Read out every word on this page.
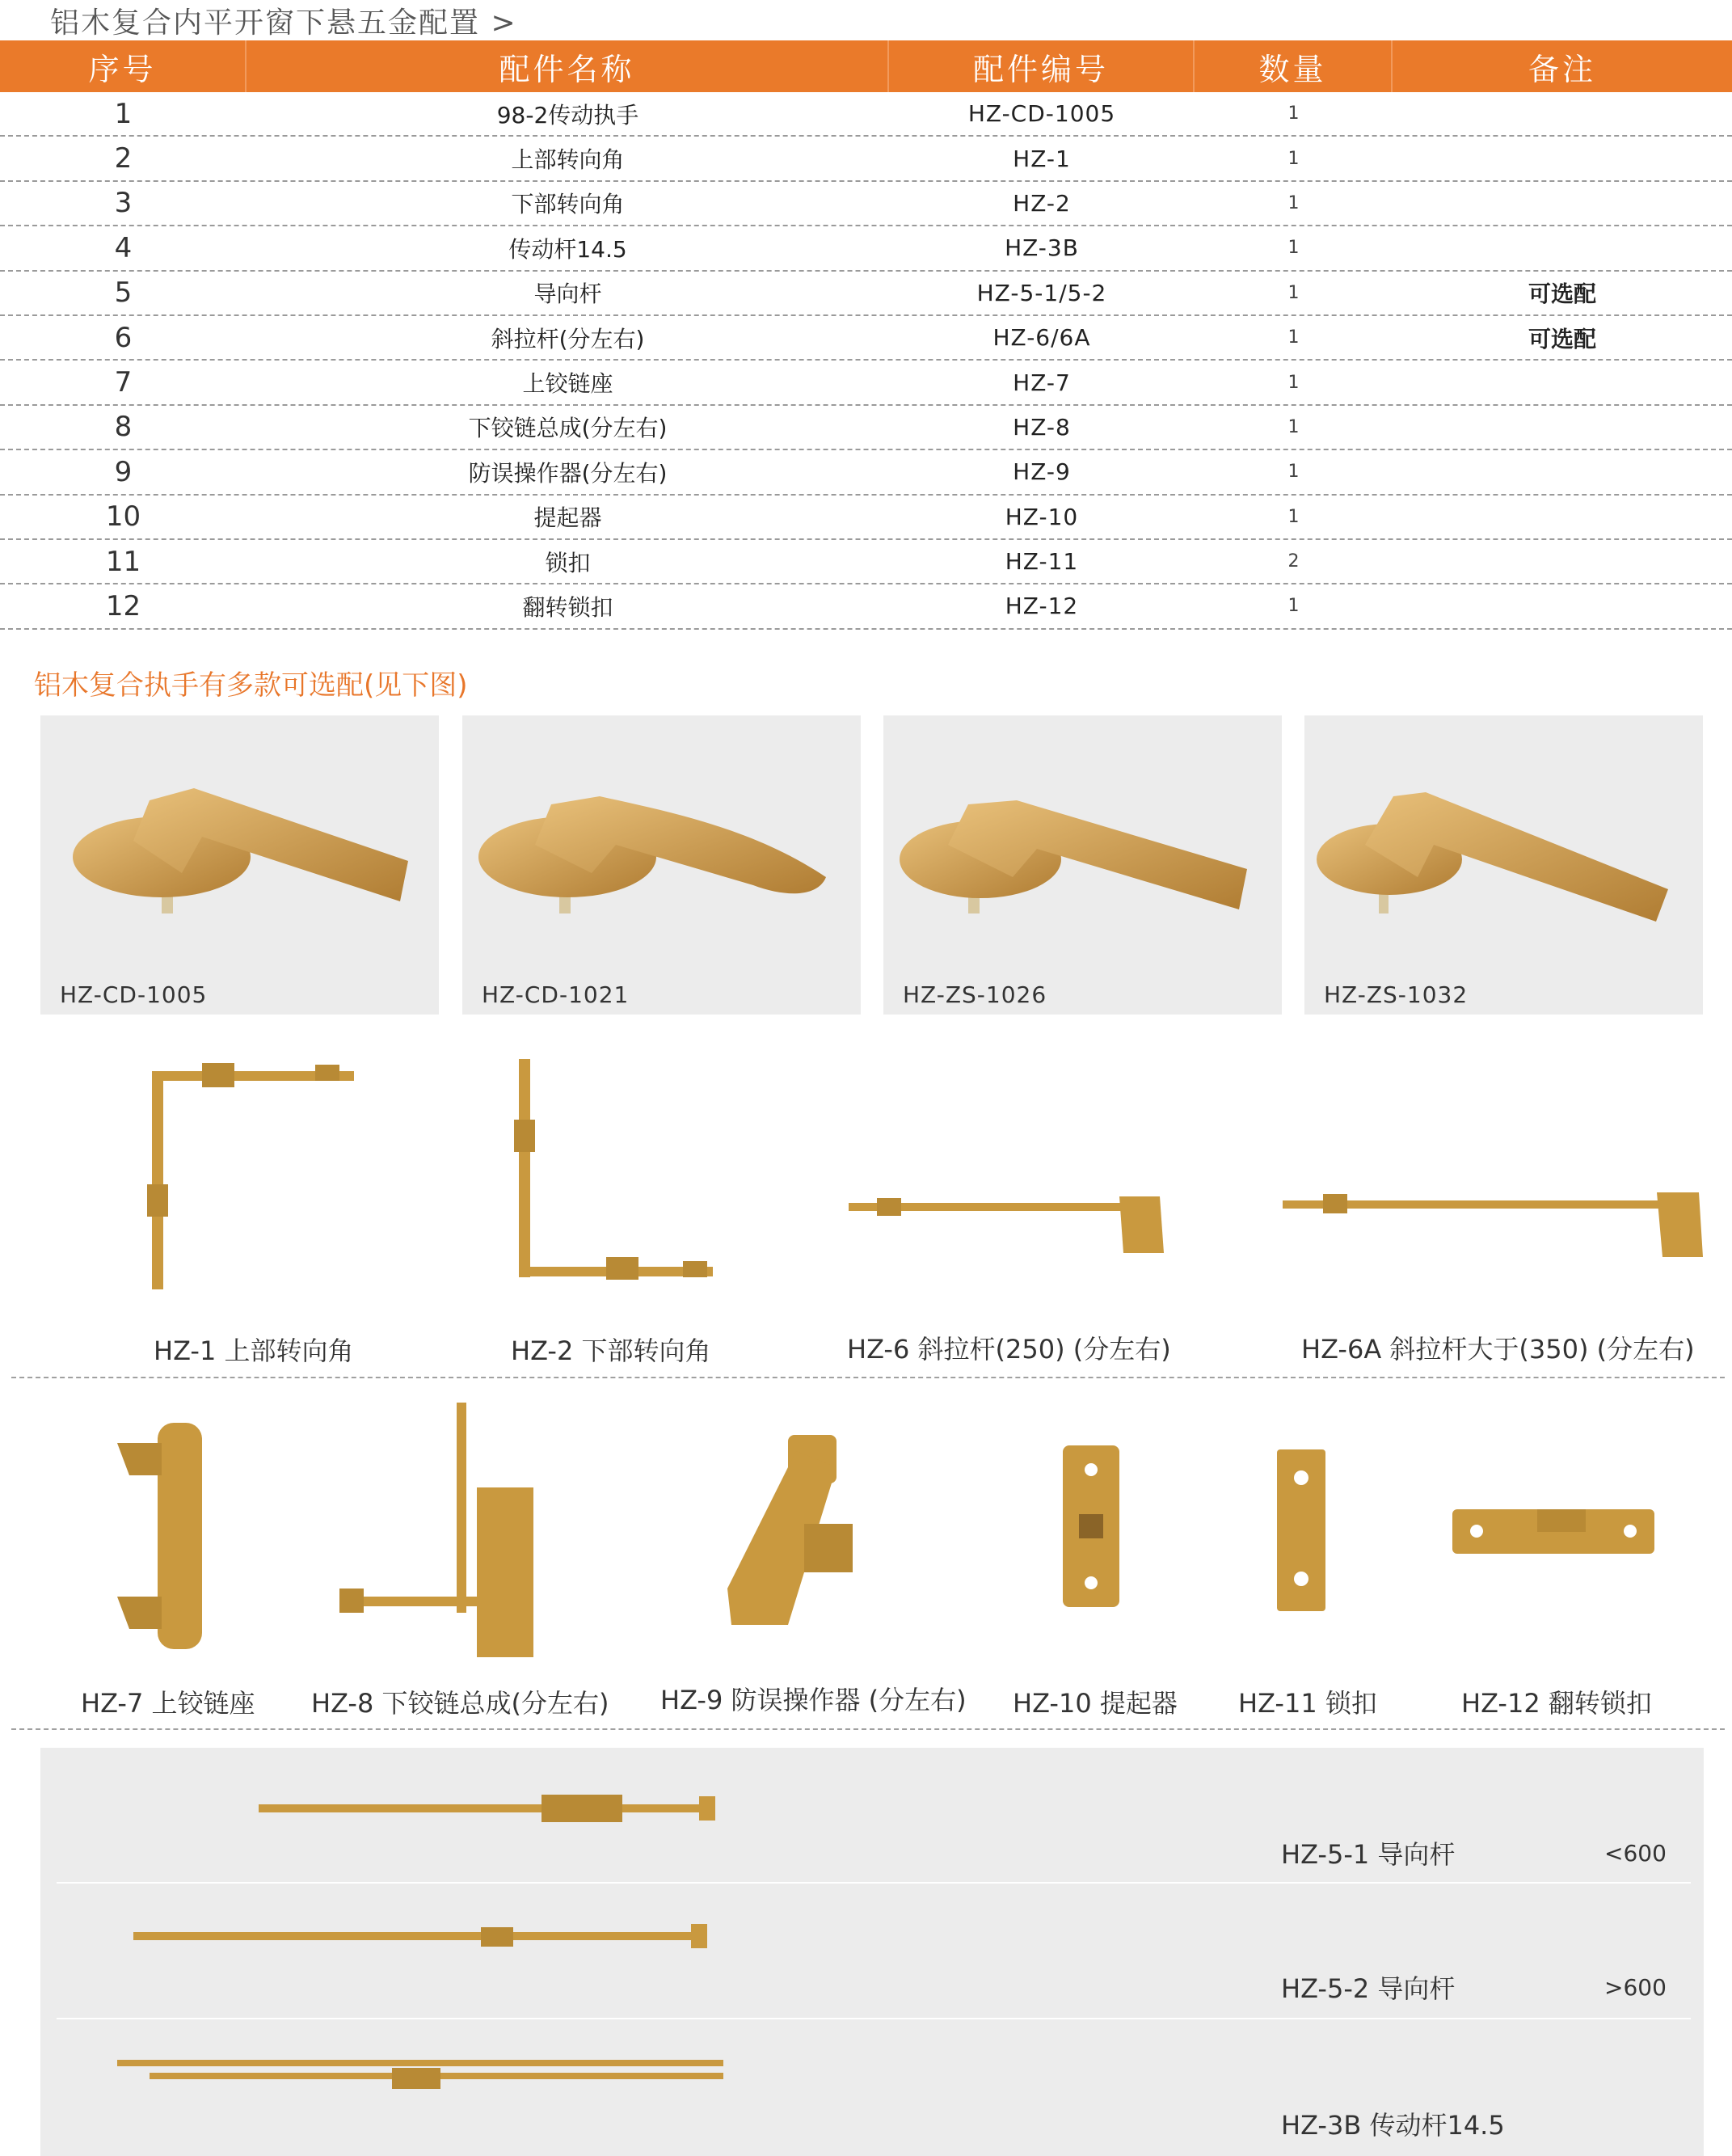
铝木复合内平开窗下悬五金配置 >
序号	配件名称	配件编号	数量	备注
1	98-2传动执手	HZ-CD-1005	1
2	上部转向角	HZ-1	1
3	下部转向角	HZ-2	1
4	传动杆14.5	HZ-3B	1
5	导向杆	HZ-5-1/5-2	1	可选配
6	斜拉杆(分左右)	HZ-6/6A	1	可选配
7	上铰链座	HZ-7	1
8	下铰链总成(分左右)	HZ-8	1
9	防误操作器(分左右)	HZ-9	1
10	提起器	HZ-10	1
11	锁扣	HZ-11	2
12	翻转锁扣	HZ-12	1
铝木复合执手有多款可选配(见下图)
HZ-CD-1005	HZ-CD-1021	HZ-ZS-1026	HZ-ZS-1032
HZ-1 上部转向角	HZ-2 下部转向角	HZ-6 斜拉杆(250) (分左右)	HZ-6A 斜拉杆大于(350) (分左右)
HZ-7 上铰链座 HZ-8 下铰链总成(分左右) HZ-9 防误操作器 (分左右) HZ-10 提起器 HZ-11 锁扣	HZ-12 翻转锁扣
HZ-5-1 导向杆	<600
HZ-5-2 导向杆	>600
HZ-3B 传动杆14.5
